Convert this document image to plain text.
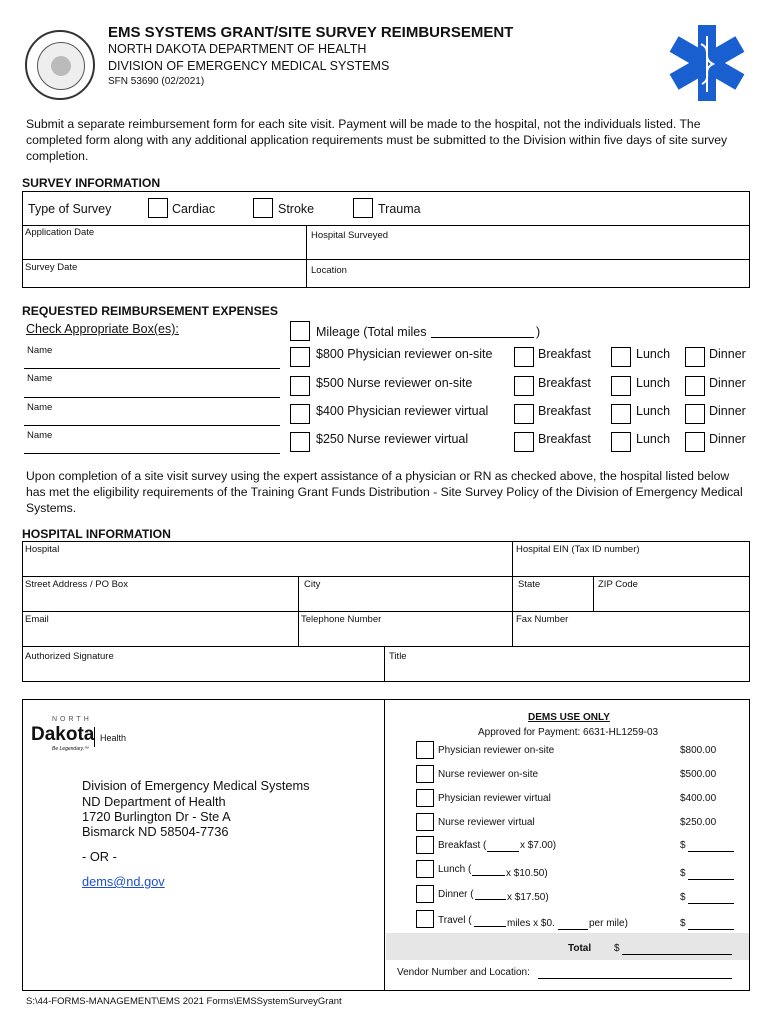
EMS SYSTEMS GRANT/SITE SURVEY REIMBURSEMENT
NORTH DAKOTA DEPARTMENT OF HEALTH
DIVISION OF EMERGENCY MEDICAL SYSTEMS
SFN 53690 (02/2021)
Submit a separate reimbursement form for each site visit. Payment will be made to the hospital, not the individuals listed. The completed form along with any additional application requirements must be submitted to the Division within five days of site survey completion.
SURVEY INFORMATION
Type of Survey	Cardiac	Stroke	Trauma
Application Date	Hospital Surveyed
Survey Date	Location
REQUESTED REIMBURSEMENT EXPENSES
Check Appropriate Box(es):	Mileage (Total miles	)
Name	$800 Physician reviewer on-site	Breakfast	Lunch	Dinner
Name	$500 Nurse reviewer on-site	Breakfast	Lunch	Dinner
Name	$400 Physician reviewer virtual	Breakfast	Lunch	Dinner
Name	$250 Nurse reviewer virtual	Breakfast	Lunch	Dinner
Upon completion of a site visit survey using the expert assistance of a physician or RN as checked above, the hospital listed below has met the eligibility requirements of the Training Grant Funds Distribution - Site Survey Policy of the Division of Emergency Medical Systems.
HOSPITAL INFORMATION
Hospital	Hospital EIN (Tax ID number)
Street Address / PO Box	City	State	ZIP Code
Email	Telephone Number	Fax Number
Authorized Signature	Title
NORTH
Dakota Health
Be Legendary.™
Division of Emergency Medical Systems
ND Department of Health
1720 Burlington Dr - Ste A
Bismarck ND 58504-7736
- OR -
dems@nd.gov
DEMS USE ONLY
Approved for Payment: 6631-HL1259-03
Physician reviewer on-site	$800.00
Nurse reviewer on-site	$500.00
Physician reviewer virtual	$400.00
Nurse reviewer virtual	$250.00
Breakfast (	x $7.00)	$
Lunch (	x $10.50)	$
Dinner (	x $17.50)	$
Travel (	miles x $0.	per mile)	$
Total $
Vendor Number and Location:
S:\44-FORMS-MANAGEMENT\EMS 2021 Forms\EMSSystemSurveyGrant
